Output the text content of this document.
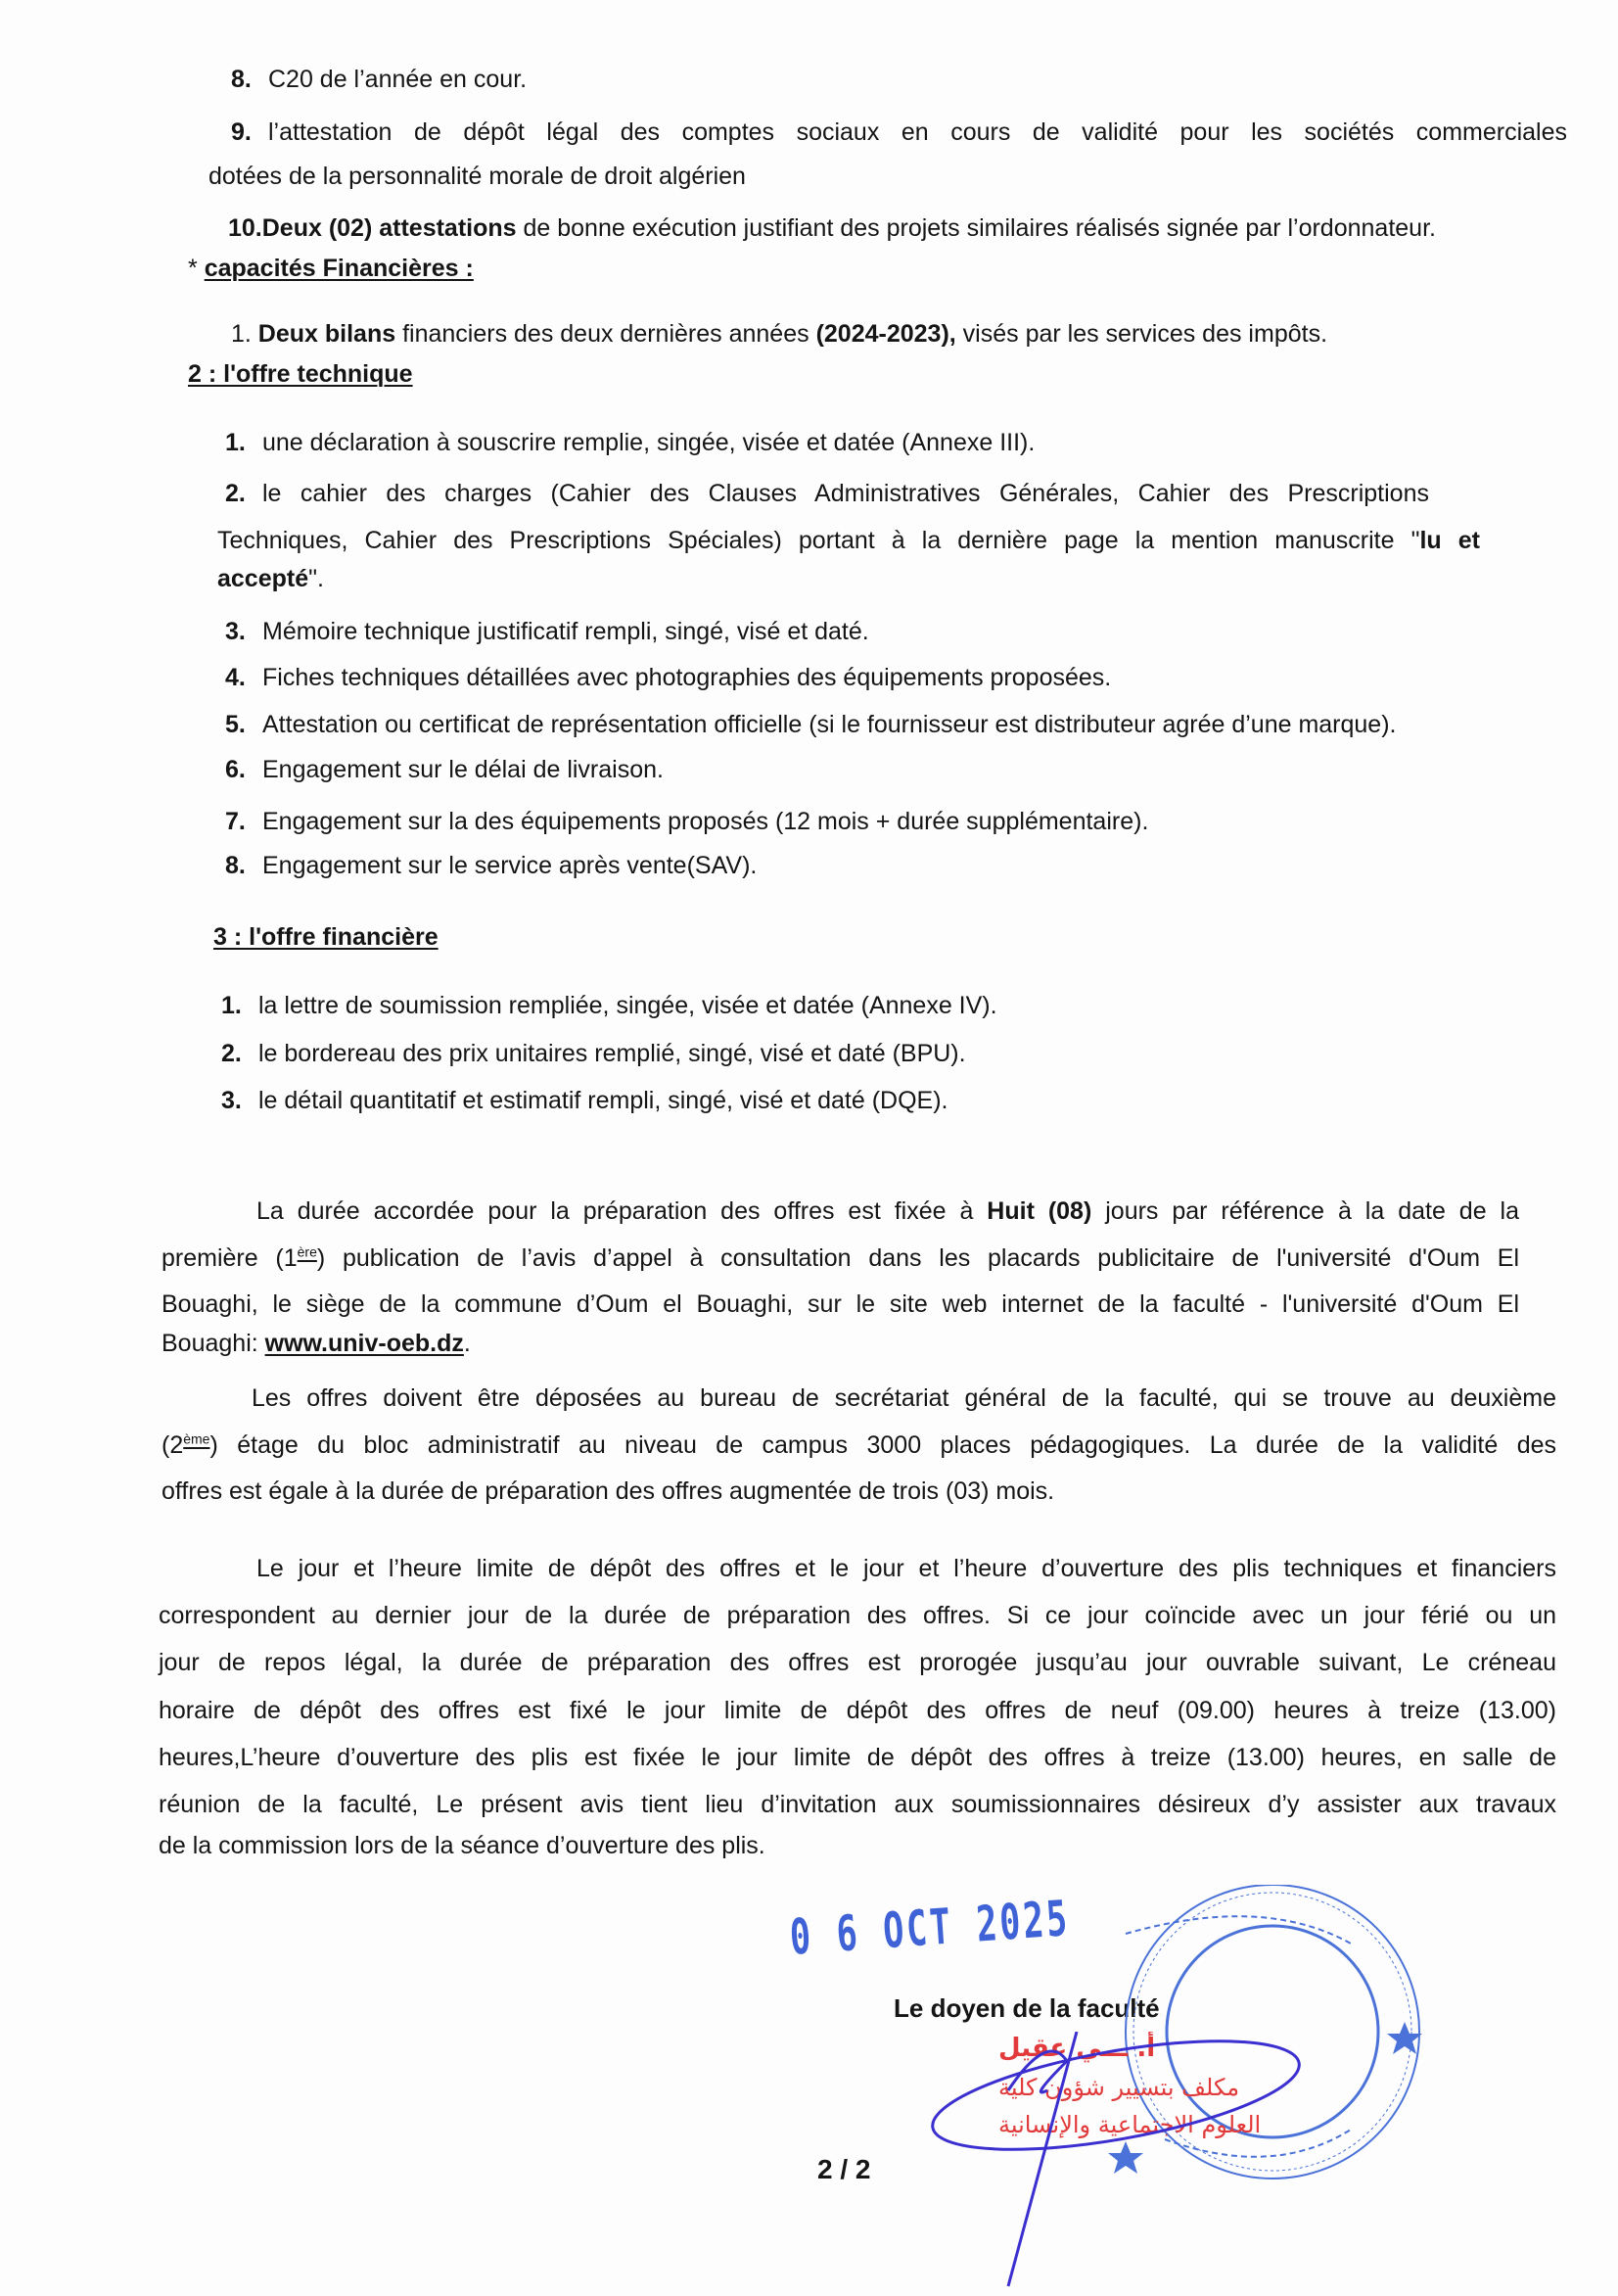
8. C20 de l’année en cour.
9. l’attestation de dépôt légal des comptes sociaux en cours de validité pour les sociétés commerciales
dotées de la personnalité morale de droit algérien
10.Deux (02) attestations de bonne exécution justifiant des projets similaires réalisés signée par l’ordonnateur.
* capacités Financières :
1. Deux bilans financiers des deux dernières années (2024-2023), visés par les services des impôts.
2 : l'offre technique
1. une déclaration à souscrire remplie, singée, visée et datée (Annexe III).
2. le cahier des charges (Cahier des Clauses Administratives Générales, Cahier des Prescriptions
Techniques, Cahier des Prescriptions Spéciales) portant à la dernière page la mention manuscrite "lu et
accepté".
3. Mémoire technique justificatif rempli, singé, visé et daté.
4. Fiches techniques détaillées avec photographies des équipements proposées.
5. Attestation ou certificat de représentation officielle (si le fournisseur est distributeur agrée d’une marque).
6. Engagement sur le délai de livraison.
7. Engagement sur la des équipements proposés (12 mois + durée supplémentaire).
8. Engagement sur le service après vente(SAV).
3 : l'offre financière
1. la lettre de soumission rempliée, singée, visée et datée (Annexe IV).
2. le bordereau des prix unitaires remplié, singé, visé et daté (BPU).
3. le détail quantitatif et estimatif rempli, singé, visé et daté (DQE).
La durée accordée pour la préparation des offres est fixée à Huit (08) jours par référence à la date de la
première (1ère) publication de l’avis d’appel à consultation dans les placards publicitaire de l'université d'Oum El
Bouaghi, le siège de la commune d’Oum el Bouaghi, sur le site web internet de la faculté - l'université d'Oum El
Bouaghi: www.univ-oeb.dz.
Les offres doivent être déposées au bureau de secrétariat général de la faculté, qui se trouve au deuxième
(2ème) étage du bloc administratif au niveau de campus 3000 places pédagogiques. La durée de la validité des
offres est égale à la durée de préparation des offres augmentée de trois (03) mois.
Le jour et l’heure limite de dépôt des offres et le jour et l’heure d’ouverture des plis techniques et financiers
correspondent au dernier jour de la durée de préparation des offres. Si ce jour coïncide avec un jour férié ou un
jour de repos légal, la durée de préparation des offres est prorogée jusqu’au jour ouvrable suivant, Le créneau
horaire de dépôt des offres est fixé le jour limite de dépôt des offres de neuf (09.00) heures à treize (13.00)
heures,L’heure d’ouverture des plis est fixée le jour limite de dépôt des offres à treize (13.00) heures, en salle de
réunion de la faculté, Le présent avis tient lieu d’invitation aux soumissionnaires désireux d’y assister aux travaux
de la commission lors de la séance d’ouverture des plis.
0 6 OCT 2025
Le doyen de la faculté
أ. ـــي عقيل
مكلف بتسيير شؤون كلية
العلوم الاجتماعية والإنسانية
2 / 2
